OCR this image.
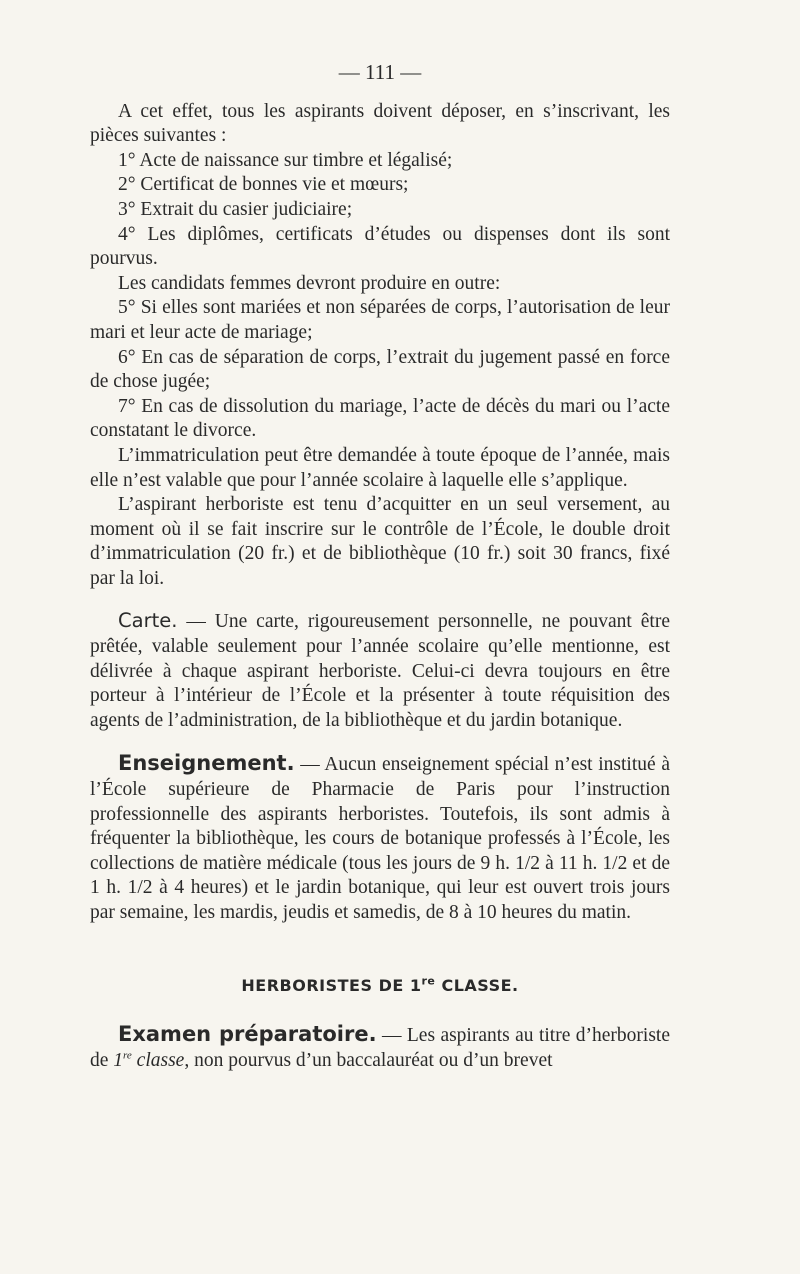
— 111 —

A cet effet, tous les aspirants doivent déposer, en s’inscrivant, les pièces suivantes :

1° Acte de naissance sur timbre et légalisé;

2° Certificat de bonnes vie et mœurs;

3° Extrait du casier judiciaire;

4° Les diplômes, certificats d’études ou dispenses dont ils sont pourvus.

Les candidats femmes devront produire en outre:

5° Si elles sont mariées et non séparées de corps, l’autorisation de leur mari et leur acte de mariage;

6° En cas de séparation de corps, l’extrait du jugement passé en force de chose jugée;

7° En cas de dissolution du mariage, l’acte de décès du mari ou l’acte constatant le divorce.

L’immatriculation peut être demandée à toute époque de l’année, mais elle n’est valable que pour l’année scolaire à laquelle elle s’applique.

L’aspirant herboriste est tenu d’acquitter en un seul versement, au moment où il se fait inscrire sur le contrôle de l’École, le double droit d’immatriculation (20 fr.) et de bibliothèque (10 fr.) soit 30 francs, fixé par la loi.

Carte. — Une carte, rigoureusement personnelle, ne pouvant être prêtée, valable seulement pour l’année scolaire qu’elle mentionne, est délivrée à chaque aspirant herboriste. Celui-ci devra toujours en être porteur à l’intérieur de l’École et la présenter à toute réquisition des agents de l’administration, de la bibliothèque et du jardin botanique.

Enseignement. — Aucun enseignement spécial n’est institué à l’École supérieure de Pharmacie de Paris pour l’instruction professionnelle des aspirants herboristes. Toutefois, ils sont admis à fréquenter la bibliothèque, les cours de botanique professés à l’École, les collections de matière médicale (tous les jours de 9 h. 1/2 à 11 h. 1/2 et de 1 h. 1/2 à 4 heures) et le jardin botanique, qui leur est ouvert trois jours par semaine, les mardis, jeudis et samedis, de 8 à 10 heures du matin.

HERBORISTES DE 1re CLASSE.

Examen préparatoire. — Les aspirants au titre d’herboriste de 1re classe, non pourvus d’un baccalauréat ou d’un brevet
